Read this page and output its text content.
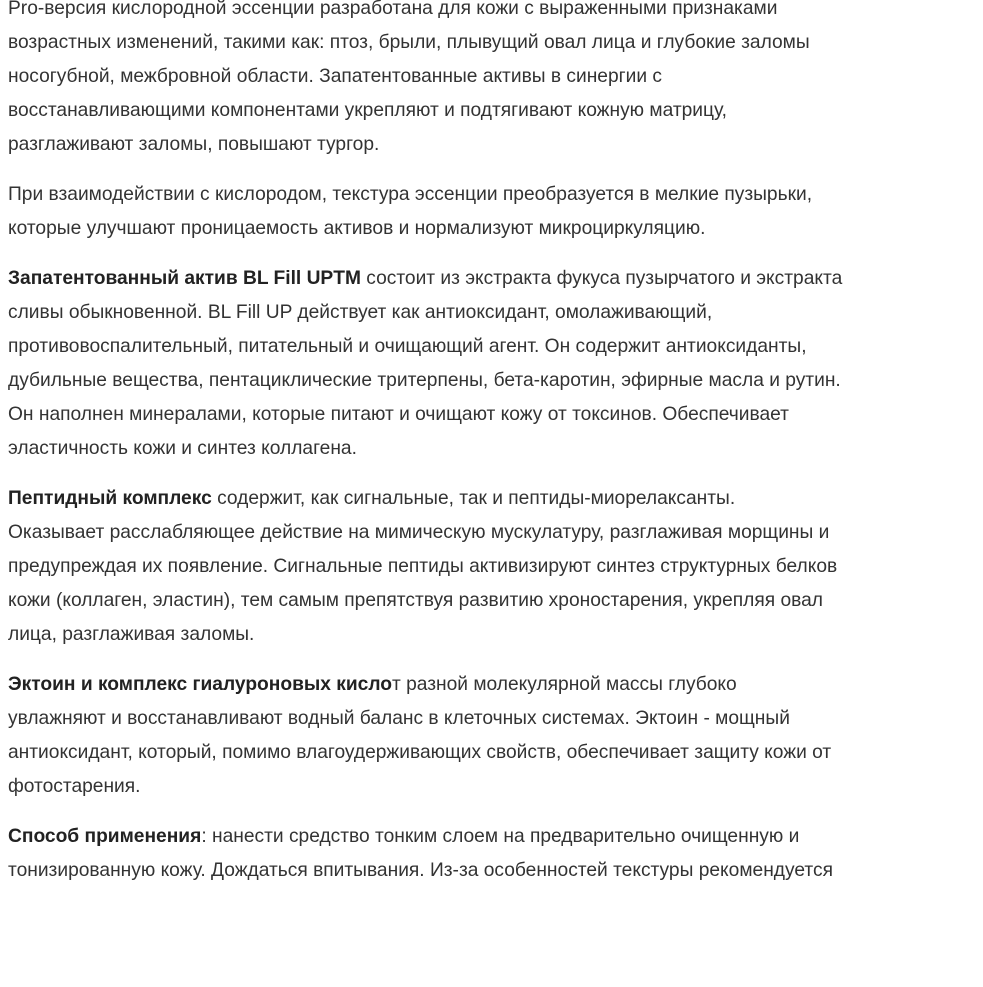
Pro-версия кислородной эссенции разработана для кожи с выраженными признаками
возрастных изменений, такими как: птоз, брыли, плывущий овал лица и глубокие заломы
носогубной, межбровной области. Запатентованные активы в синергии с
восстанавливающими компонентами укрепляют и подтягивают кожную матрицу,
разглаживают заломы, повышают тургор.

При взаимодействии с кислородом, текстура эссенции преобразуется в мелкие пузырьки,
которые улучшают проницаемость активов и нормализуют микроциркуляцию.

Запатентованный актив BL Fill UPTM состоит из экстракта фукуса пузырчатого и экстракта
сливы обыкновенной. BL Fill UP действует как антиоксидант, омолаживающий,
противовоспалительный, питательный и очищающий агент. Он содержит антиоксиданты,
дубильные вещества, пентациклические тритерпены, бета-каротин, эфирные масла и рутин.
Он наполнен минералами, которые питают и очищают кожу от токсинов. Обеспечивает
эластичность кожи и синтез коллагена.

Пептидный комплекс содержит, как сигнальные, так и пептиды-миорелаксанты.
Оказывает расслабляющее действие на мимическую мускулатуру, разглаживая морщины и
предупреждая их появление. Сигнальные пептиды активизируют синтез структурных белков
кожи (коллаген, эластин), тем самым препятствуя развитию хроностарения, укрепляя овал
лица, разглаживая заломы.

Эктоин и комплекс гиалуроновых кислот разной молекулярной массы глубоко
увлажняют и восстанавливают водный баланс в клеточных системах. Эктоин - мощный
антиоксидант, который, помимо влагоудерживающих свойств, обеспечивает защиту кожи от
фотостарения.

Способ применения: нанести средство тонким слоем на предварительно очищенную и
тонизированную кожу. Дождаться впитывания. Из-за особенностей текстуры рекомендуется
